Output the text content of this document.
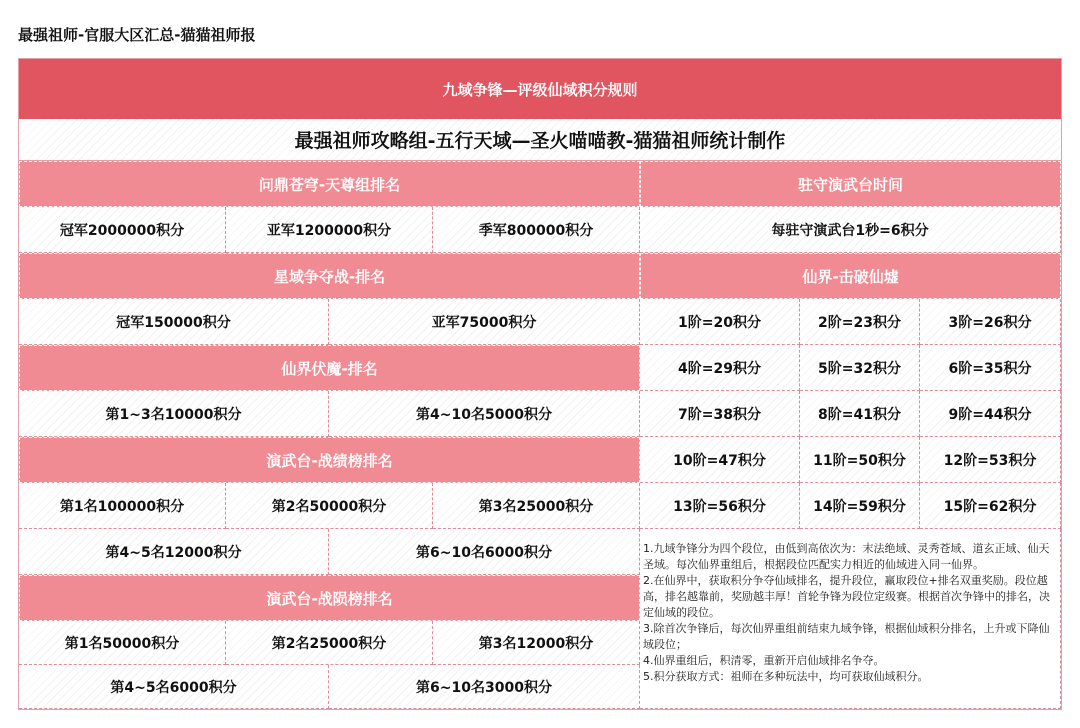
最强祖师-官服大区汇总-猫猫祖师报
九域争锋—评级仙域积分规则
最强祖师攻略组-五行天域—圣火喵喵教-猫猫祖师统计制作
问鼎苍穹-天尊组排名	驻守演武台时间
冠军2000000积分	亚军1200000积分	季军800000积分	每驻守演武台1秒=6积分
星域争夺战-排名	仙界-击破仙墟
冠军150000积分	亚军75000积分	1阶=20积分	2阶=23积分	3阶=26积分
仙界伏魔-排名	4阶=29积分	5阶=32积分	6阶=35积分
第1~3名10000积分	第4~10名5000积分	7阶=38积分	8阶=41积分	9阶=44积分
演武台-战绩榜排名	10阶=47积分	11阶=50积分	12阶=53积分
第1名100000积分	第2名50000积分	第3名25000积分	13阶=56积分	14阶=59积分	15阶=62积分
第4~5名12000积分	第6~10名6000积分	1.九域争锋分为四个段位，由低到高依次为：末法绝域、灵秀苍域、道玄正域、仙天圣域。每次仙界重组后，根据段位匹配实力相近的仙域进入同一仙界。

2.在仙界中，获取积分争夺仙域排名，提升段位，赢取段位+排名双重奖励。段位越高，排名越靠前，奖励越丰厚！首轮争锋为段位定级赛。根据首次争锋中的排名，决定仙域的段位。

3.除首次争锋后，每次仙界重组前结束九域争锋，根据仙域积分排名，上升或下降仙域段位；

4.仙界重组后，积清零，重新开启仙域排名争夺。

5.积分获取方式：祖师在多种玩法中，均可获取仙域积分。

演武台-战陨榜排名
第1名50000积分	第2名25000积分	第3名12000积分
第4~5名6000积分	第6~10名3000积分
